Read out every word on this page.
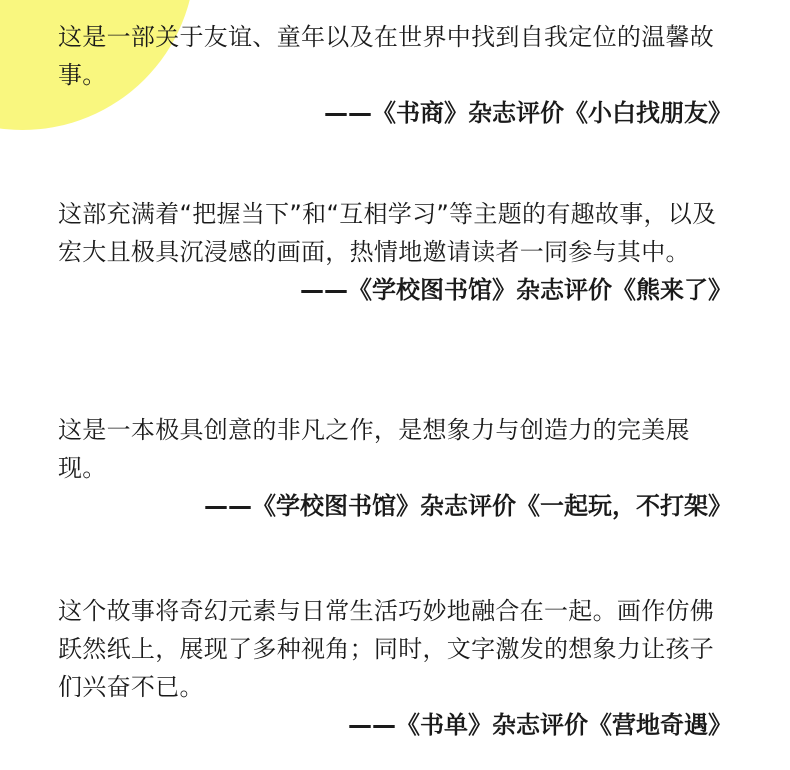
这是一部关于友谊、童年以及在世界中找到自我定位的温馨故事。

——《书商》杂志评价《小白找朋友》

这部充满着“把握当下”和“互相学习”等主题的有趣故事，以及宏大且极具沉浸感的画面，热情地邀请读者一同参与其中。

——《学校图书馆》杂志评价《熊来了》

这是一本极具创意的非凡之作，是想象力与创造力的完美展现。

——《学校图书馆》杂志评价《一起玩，不打架》

这个故事将奇幻元素与日常生活巧妙地融合在一起。画作仿佛跃然纸上，展现了多种视角；同时，文字激发的想象力让孩子们兴奋不已。

——《书单》杂志评价《营地奇遇》
